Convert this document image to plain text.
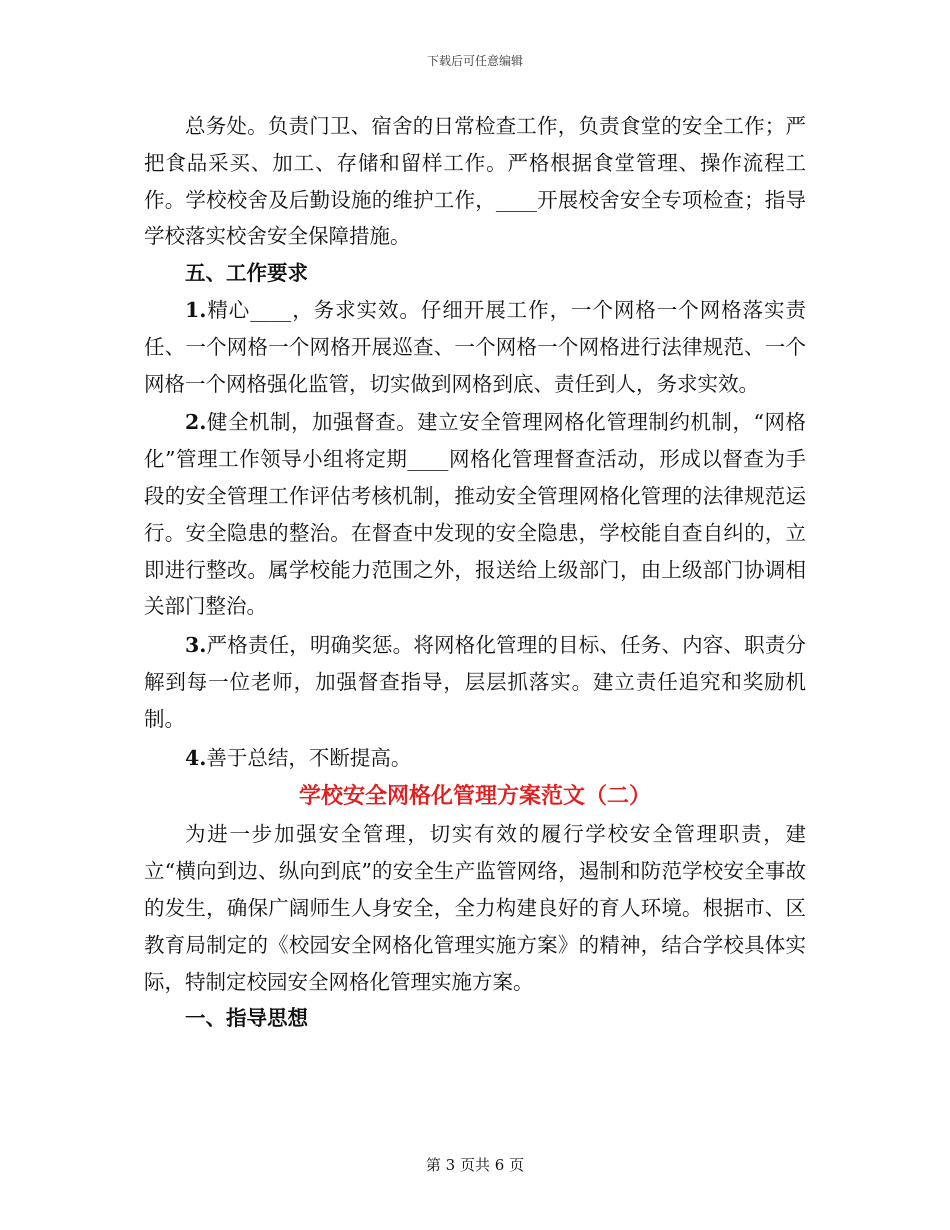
下载后可任意编辑

总务处。负责门卫、宿舍的日常检查工作，负责食堂的安全工作；严把食品采买、加工、存储和留样工作。严格根据食堂管理、操作流程工作。学校校舍及后勤设施的维护工作，____开展校舍安全专项检查；指导学校落实校舍安全保障措施。

五、工作要求

1.精心____，务求实效。仔细开展工作，一个网格一个网格落实责任、一个网格一个网格开展巡查、一个网格一个网格进行法律规范、一个网格一个网格强化监管，切实做到网格到底、责任到人，务求实效。

2.健全机制，加强督查。建立安全管理网格化管理制约机制，“网格化”管理工作领导小组将定期____网格化管理督查活动，形成以督查为手段的安全管理工作评估考核机制，推动安全管理网格化管理的法律规范运行。安全隐患的整治。在督查中发现的安全隐患，学校能自查自纠的，立即进行整改。属学校能力范围之外，报送给上级部门，由上级部门协调相关部门整治。

3.严格责任，明确奖惩。将网格化管理的目标、任务、内容、职责分解到每一位老师，加强督查指导，层层抓落实。建立责任追究和奖励机制。

4.善于总结，不断提高。

学校安全网格化管理方案范文（二）

为进一步加强安全管理，切实有效的履行学校安全管理职责，建立“横向到边、纵向到底”的安全生产监管网络，遏制和防范学校安全事故的发生，确保广阔师生人身安全，全力构建良好的育人环境。根据市、区教育局制定的《校园安全网格化管理实施方案》的精神，结合学校具体实际，特制定校园安全网格化管理实施方案。

一、指导思想

第 3 页共 6 页
